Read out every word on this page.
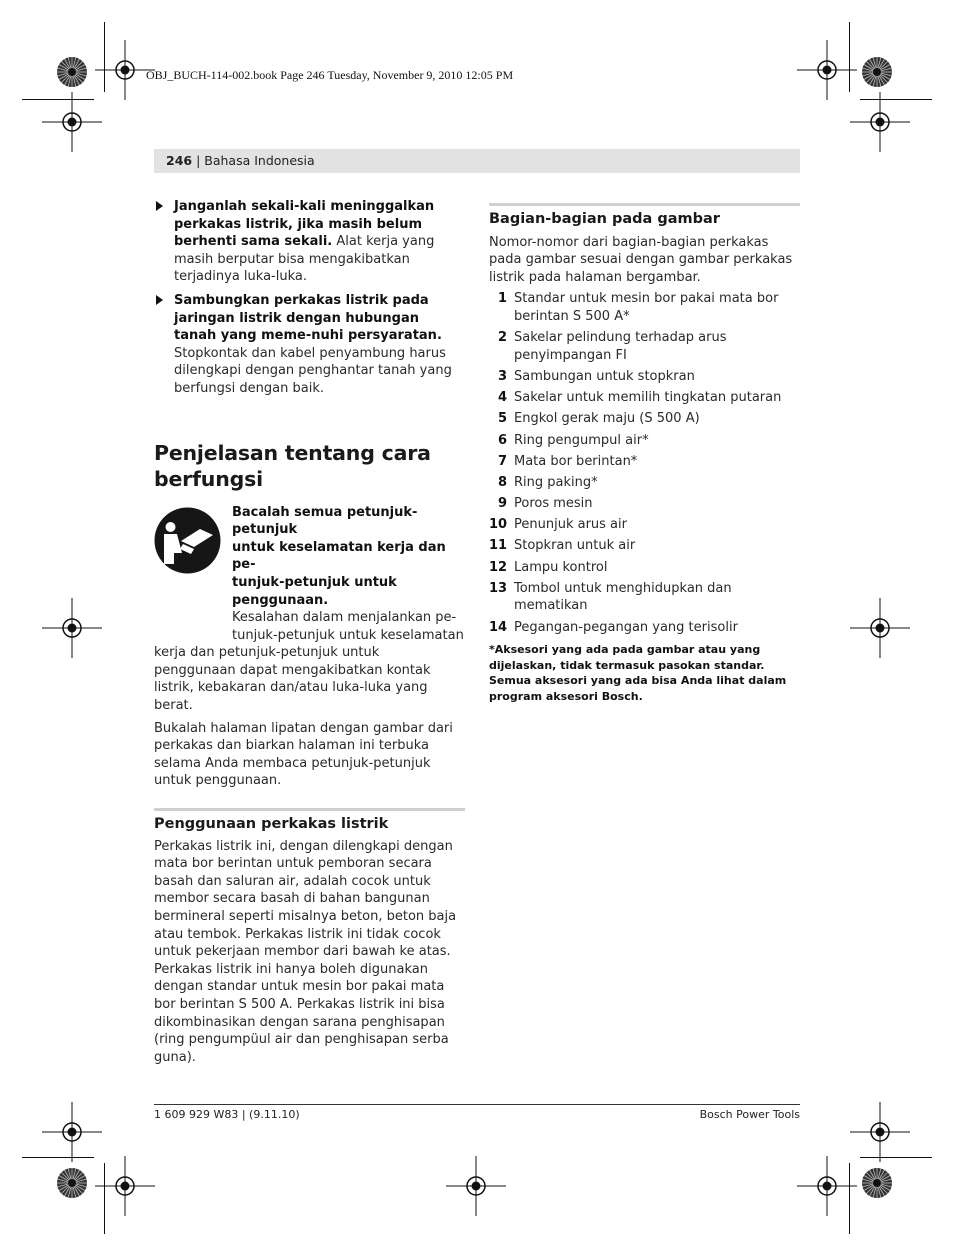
OBJ_BUCH-114-002.book Page 246 Tuesday, November 9, 2010 12:05 PM
246 | Bahasa Indonesia

Janganlah sekali-kali meninggalkan perkakas listrik, jika masih belum berhenti sama sekali. Alat kerja yang masih berputar bisa mengakibatkan terjadinya luka-luka.

Sambungkan perkakas listrik pada jaringan listrik dengan hubungan tanah yang meme-nuhi persyaratan. Stopkontak dan kabel penyambung harus dilengkapi dengan penghantar tanah yang berfungsi dengan baik.

Penjelasan tentang cara
berfungsi
Bacalah semua petunjuk-petunjuk
untuk keselamatan kerja dan pe-
tunjuk-petunjuk untuk penggunaan.
Kesalahan dalam menjalankan pe-
tunjuk-petunjuk untuk keselamatan

kerja dan petunjuk-petunjuk untuk penggunaan dapat mengakibatkan kontak listrik, kebakaran dan/atau luka-luka yang berat.

Bukalah halaman lipatan dengan gambar dari perkakas dan biarkan halaman ini terbuka selama Anda membaca petunjuk-petunjuk untuk penggunaan.

Penggunaan perkakas listrik

Perkakas listrik ini, dengan dilengkapi dengan mata bor berintan untuk pemboran secara basah dan saluran air, adalah cocok untuk membor secara basah di bahan bangunan bermineral seperti misalnya beton, beton baja atau tembok. Perkakas listrik ini tidak cocok untuk pekerjaan membor dari bawah ke atas. Perkakas listrik ini hanya boleh digunakan dengan standar untuk mesin bor pakai mata bor berintan S 500 A. Perkakas listrik ini bisa dikombinasikan dengan sarana penghisapan (ring pengumpüul air dan penghisapan serba guna).

Bagian-bagian pada gambar

Nomor-nomor dari bagian-bagian perkakas pada gambar sesuai dengan gambar perkakas listrik pada halaman bergambar.

1 Standar untuk mesin bor pakai mata bor berintan S 500 A*
2 Sakelar pelindung terhadap arus penyimpangan FI
3 Sambungan untuk stopkran
4 Sakelar untuk memilih tingkatan putaran
5 Engkol gerak maju (S 500 A)
6 Ring pengumpul air*
7 Mata bor berintan*
8 Ring paking*
9 Poros mesin
10 Penunjuk arus air
11 Stopkran untuk air
12 Lampu kontrol
13 Tombol untuk menghidupkan dan mematikan
14 Pegangan-pegangan yang terisolir

*Aksesori yang ada pada gambar atau yang dijelaskan, tidak termasuk pasokan standar. Semua aksesori yang ada bisa Anda lihat dalam program aksesori Bosch.

1 609 929 W83 | (9.11.10)	Bosch Power Tools
